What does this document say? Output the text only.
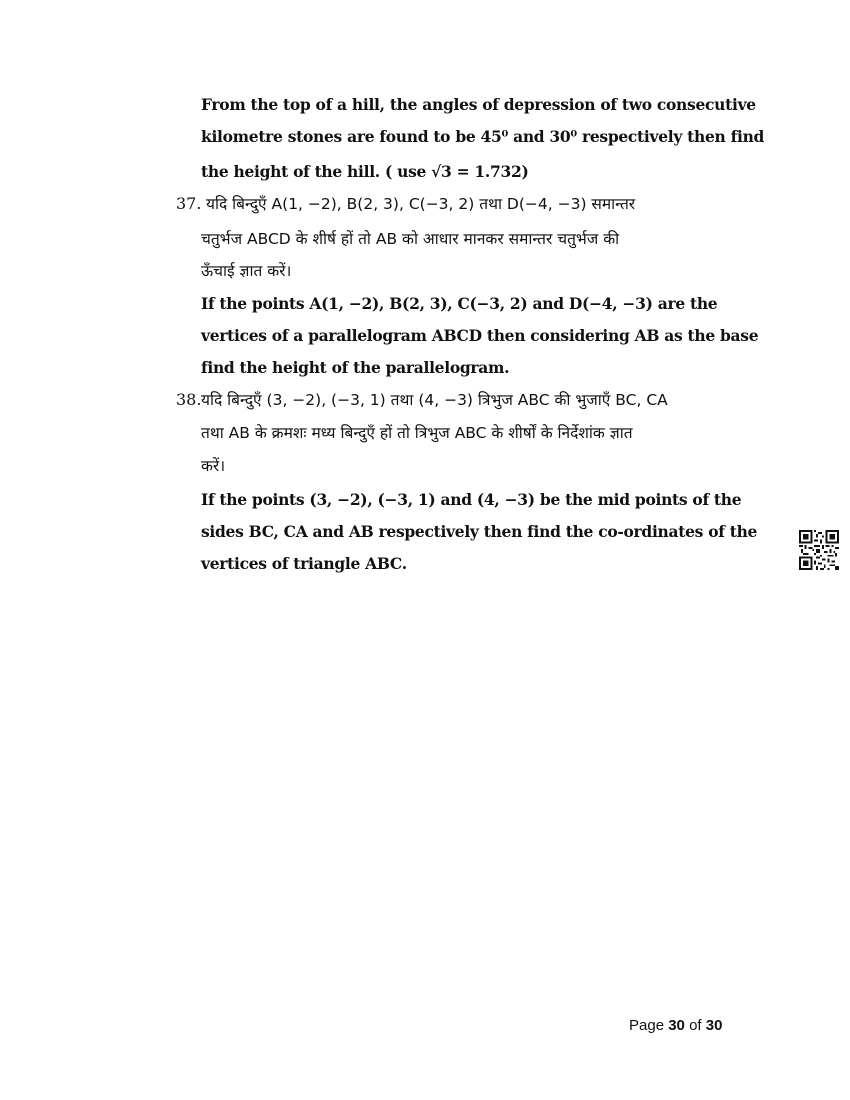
From the top of a hill, the angles of depression of two consecutive
kilometre stones are found to be 45⁰ and 30⁰ respectively then find
the height of the hill. ( use √3 = 1.732)
37. यदि बिन्दुएँ A(1, −2), B(2, 3), C(−3, 2) तथा D(−4, −3) समान्तर
चतुर्भज ABCD के शीर्ष हों तो AB को आधार मानकर समान्तर चतुर्भज की
ऊँचाई ज्ञात करें।
If the points A(1, −2), B(2, 3), C(−3, 2) and D(−4, −3) are the
vertices of a parallelogram ABCD then considering AB as the base
find the height of the parallelogram.
38. यदि बिन्दुएँ (3, −2), (−3, 1) तथा (4, −3) त्रिभुज ABC की भुजाएँ BC, CA
तथा AB के क्रमशः मध्य बिन्दुएँ हों तो त्रिभुज ABC के शीर्षों के निर्देशांक ज्ञात
करें।
If the points (3, −2), (−3, 1) and (4, −3) be the mid points of the
sides BC, CA and AB respectively then find the co-ordinates of the
vertices of triangle ABC.
Page 30 of 30
